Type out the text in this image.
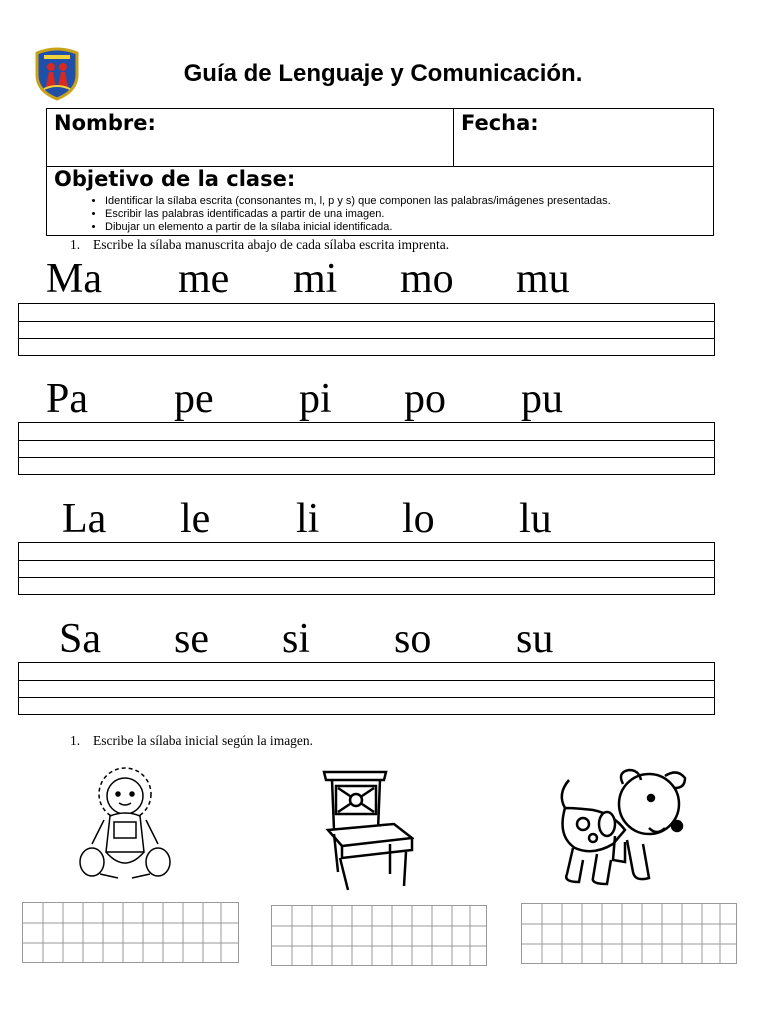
Guía de Lenguaje y Comunicación.
Nombre:	Fecha:
Objetivo de la clase:
• Identificar la sílaba escrita (consonantes m, l, p y s) que componen las palabras/imágenes presentadas.
• Escribir las palabras identificadas a partir de una imagen.
• Dibujar un elemento a partir de la sílaba inicial identificada.
1. Escribe la sílaba manuscrita abajo de cada sílaba escrita imprenta.
Ma me mi mo mu
Pa pe pi po pu
La le li lo lu
Sa se si so su
1. Escribe la sílaba inicial según la imagen.
